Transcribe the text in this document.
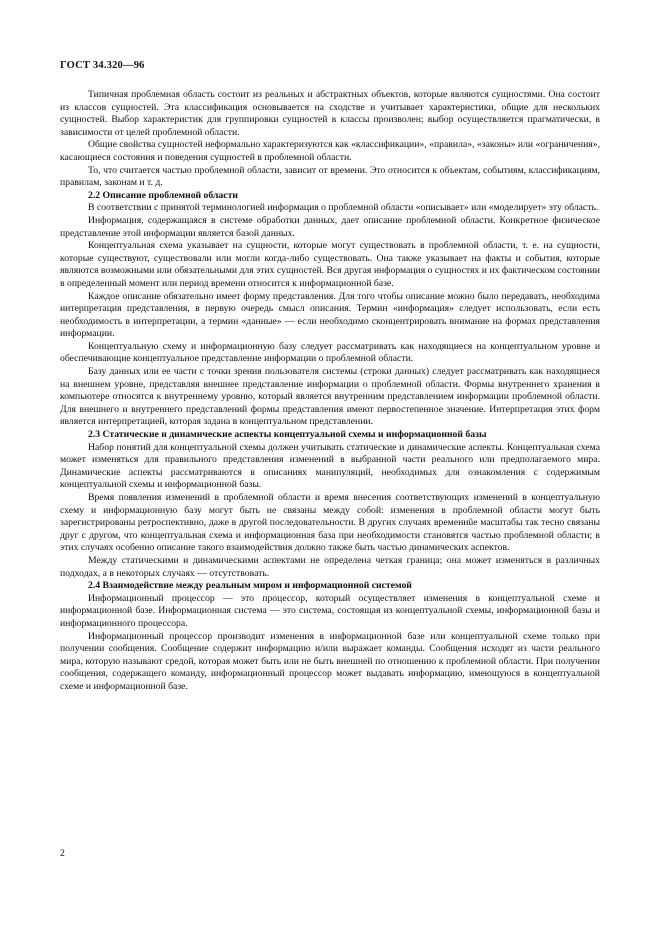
ГОСТ 34.320—96

Типичная проблемная область состоит из реальных и абстрактных объектов, которые являются сущностями. Она состоит из классов сущностей. Эта классификация основывается на сходстве и учитывает характеристики, общие для нескольких сущностей. Выбор характеристик для группировки сущностей в классы произволен; выбор осуществляется прагматически, в зависимости от целей проблемной области.

Общие свойства сущностей неформально характеризуются как «классификации», «правила», «законы» или «ограничения», касающиеся состояния и поведения сущностей в проблемной области.

То, что считается частью проблемной области, зависит от времени. Это относится к объектам, событиям, классификациям, правилам, законам и т. д.

2.2 Описание проблемной области

В соответствии с принятой терминологией информация о проблемной области «описывает» или «моделирует» эту область.

Информация, содержащаяся в системе обработки данных, дает описание проблемной области. Конкретное физическое представление этой информации является базой данных.

Концептуальная схема указывает на сущности, которые могут существовать в проблемной области, т. е. на сущности, которые существуют, существовали или могли когда-либо существовать. Она также указывает на факты и события, которые являются возможными или обязательными для этих сущностей. Вся другая информация о сущностях и их фактическом состоянии в определенный момент или период времени относится к информационной базе.

Каждое описание обязательно имеет форму представления. Для того чтобы описание можно было передавать, необходима интерпретация представления, в первую очередь смысл описания. Термин «информация» следует использовать, если есть необходимость в интерпретации, а термин «данные» — если необходимо сконцентрировать внимание на формах представления информации.

Концептуальную схему и информационную базу следует рассматривать как находящиеся на концептуальном уровне и обеспечивающие концептуальное представление информации о проблемной области.

Базу данных или ее части с точки зрения пользователя системы (строки данных) следует рассматривать как находящиеся на внешнем уровне, представляя внешнее представление информации о проблемной области. Формы внутреннего хранения в компьютере относятся к внутреннему уровню, который является внутренним представлением информации проблемной области. Для внешнего и внутреннего представлений формы представления имеют первостепенное значение. Интерпретация этих форм является интерпретацией, которая задана в концептуальном представлении.

2.3 Статические и динамические аспекты концептуальной схемы и информационной базы

Набор понятий для концептуальной схемы должен учитывать статические и динамические аспекты. Концептуальная схема может изменяться для правильного представления изменений в выбранной части реального или предполагаемого мира. Динамические аспекты рассматриваются в описаниях манипуляций, необходимых для ознакомления с содержимым концептуальной схемы и информационной базы.

Время появления изменений в проблемной области и время внесения соответствующих изменений в концептуальную схему и информационную базу могут быть не связаны между собой: изменения в проблемной области могут быть зарегистрированы ретроспективно, даже в другой последовательности. В других случаях временнûе масштабы так тесно связаны друг с другом, что концептуальная схема и информационная база при необходимости становятся частью проблемной области; в этих случаях особенно описание такого взаимодействия должно также быть частью динамических аспектов.

Между статическими и динамическими аспектами не определена четкая граница; она может изменяться в различных подходах, а в некоторых случаях — отсутствовать.

2.4 Взаимодействие между реальным миром и информационной системой

Информационный процессор — это процессор, который осуществляет изменения в концептуальной схеме и информационной базе. Информационная система — это система, состоящая из концептуальной схемы, информационной базы и информационного процессора.

Информационный процессор производит изменения в информационной базе или концептуальной схеме только при получении сообщения. Сообщение содержит информацию и/или выражает команды. Сообщения исходят из части реального мира, которую называют средой, которая может быть или не быть внешней по отношению к проблемной области. При получении сообщения, содержащего команду, информационный процессор может выдавать информацию, имеющуюся в концептуальной схеме и информационной базе.

2
